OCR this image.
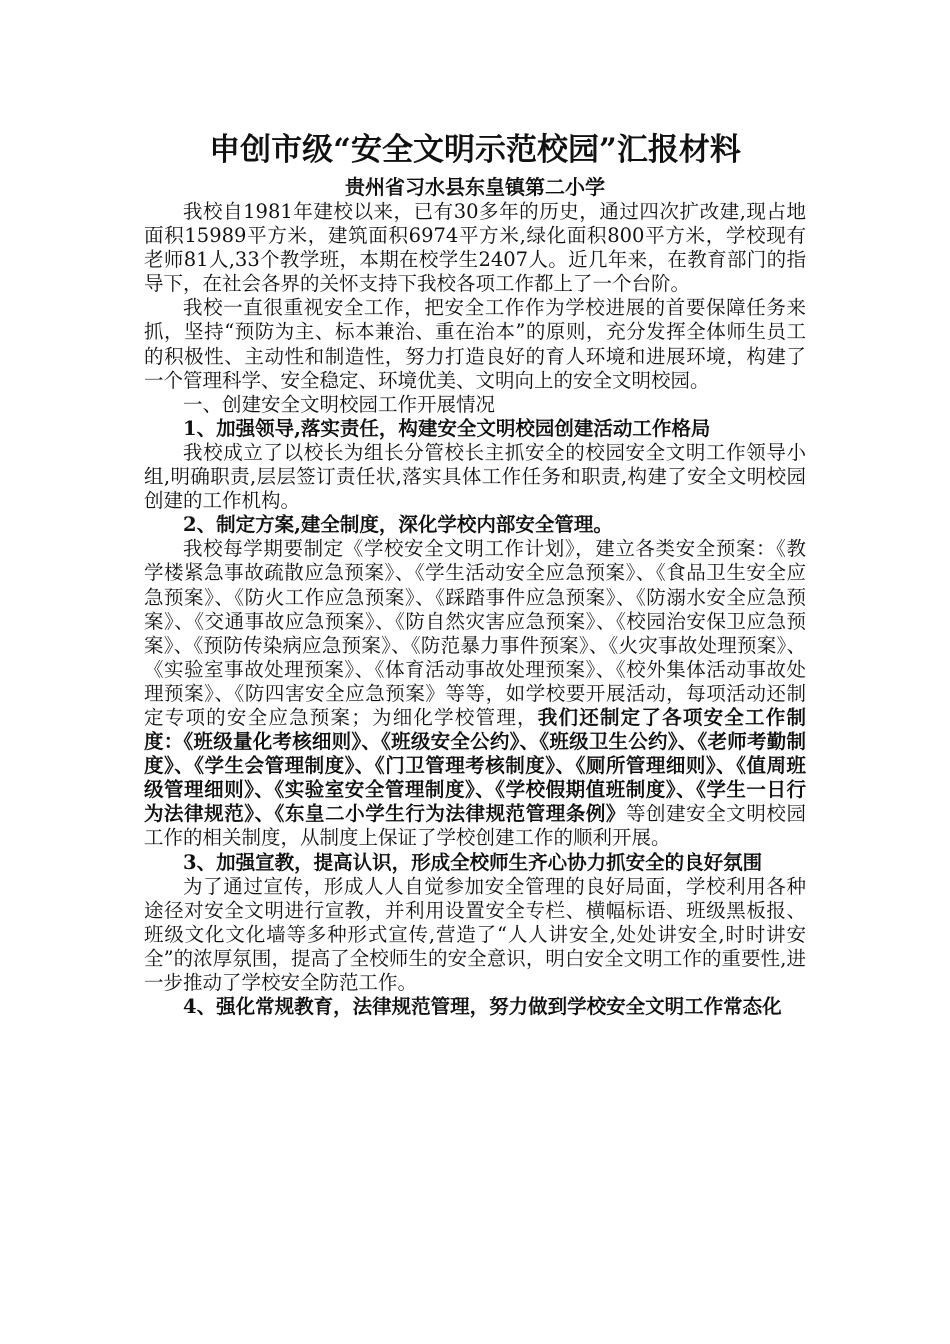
申创市级“安全文明示范校园”汇报材料
贵州省习水县东皇镇第二小学

我校自1981年建校以来，已有30多年的历史，通过四次扩改建,现占地面积15989平方米，建筑面积6974平方米,绿化面积800平方米，学校现有老师81人,33个教学班，本期在校学生2407人。近几年来，在教育部门的指导下，在社会各界的关怀支持下我校各项工作都上了一个台阶。

我校一直很重视安全工作，把安全工作作为学校进展的首要保障任务来抓，坚持“预防为主、标本兼治、重在治本”的原则，充分发挥全体师生员工的积极性、主动性和制造性，努力打造良好的育人环境和进展环境，构建了一个管理科学、安全稳定、环境优美、文明向上的安全文明校园。

一、创建安全文明校园工作开展情况

1、加强领导,落实责任，构建安全文明校园创建活动工作格局

我校成立了以校长为组长分管校长主抓安全的校园安全文明工作领导小组,明确职责,层层签订责任状,落实具体工作任务和职责,构建了安全文明校园创建的工作机构。

2、制定方案,建全制度，深化学校内部安全管理。

我校每学期要制定《学校安全文明工作计划》，建立各类安全预案：《教学楼紧急事故疏散应急预案》、《学生活动安全应急预案》、《食品卫生安全应急预案》、《防火工作应急预案》、《踩踏事件应急预案》、《防溺水安全应急预案》、《交通事故应急预案》、《防自然灾害应急预案》、《校园治安保卫应急预案》、《预防传染病应急预案》、《防范暴力事件预案》、《火灾事故处理预案》、《实验室事故处理预案》、《体育活动事故处理预案》、《校外集体活动事故处理预案》、《防四害安全应急预案》等等，如学校要开展活动，每项活动还制定专项的安全应急预案；为细化学校管理，我们还制定了各项安全工作制度：《班级量化考核细则》、《班级安全公约》、《班级卫生公约》、《老师考勤制度》、《学生会管理制度》、《门卫管理考核制度》、《厕所管理细则》、《值周班级管理细则》、《实验室安全管理制度》、《学校假期值班制度》、《学生一日行为法律规范》、《东皇二小学生行为法律规范管理条例》等创建安全文明校园工作的相关制度，从制度上保证了学校创建工作的顺利开展。

3、加强宣教，提高认识，形成全校师生齐心协力抓安全的良好氛围

为了通过宣传，形成人人自觉参加安全管理的良好局面，学校利用各种途径对安全文明进行宣教，并利用设置安全专栏、横幅标语、班级黑板报、班级文化文化墙等多种形式宣传,营造了“人人讲安全,处处讲安全,时时讲安全”的浓厚氛围，提高了全校师生的安全意识，明白安全文明工作的重要性,进一步推动了学校安全防范工作。

4、强化常规教育，法律规范管理，努力做到学校安全文明工作常态化
